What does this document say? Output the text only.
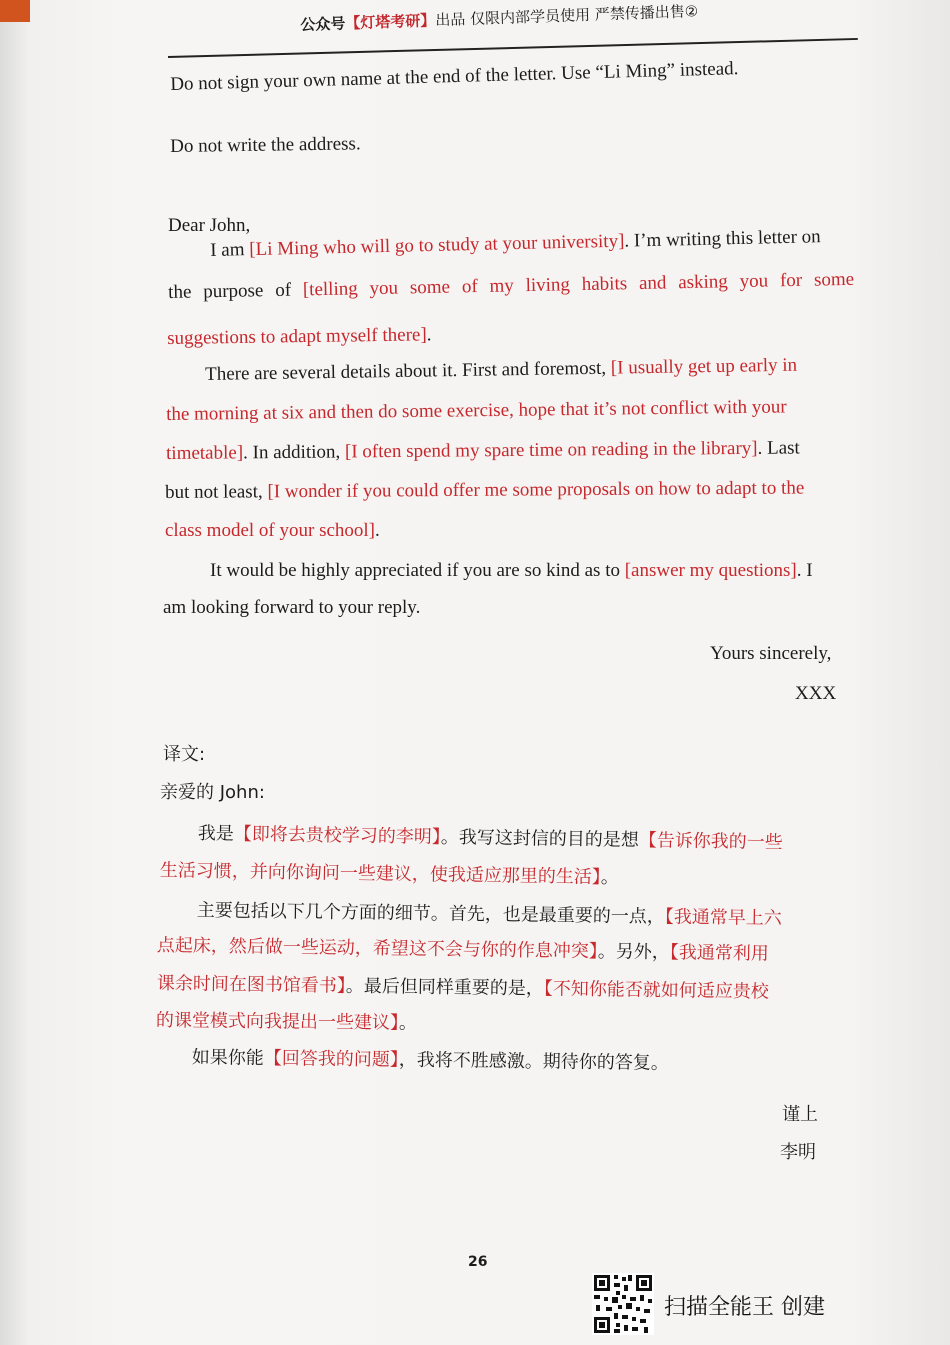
公众号【灯塔考研】出品 仅限内部学员使用 严禁传播出售②
Do not sign your own name at the end of the letter. Use “Li Ming” instead.
Do not write the address.
Dear John,
I am [Li Ming who will go to study at your university]. I’m writing this letter on
the purpose of [telling you some of my living habits and asking you for some
suggestions to adapt myself there].
There are several details about it. First and foremost, [I usually get up early in
the morning at six and then do some exercise, hope that it’s not conflict with your
timetable]. In addition, [I often spend my spare time on reading in the library]. Last
but not least, [I wonder if you could offer me some proposals on how to adapt to the
class model of your school].
It would be highly appreciated if you are so kind as to [answer my questions]. I
am looking forward to your reply.
Yours sincerely,
XXX
译文:
亲爱的 John:
我是【即将去贵校学习的李明】。我写这封信的目的是想【告诉你我的一些
生活习惯，并向你询问一些建议，使我适应那里的生活】。
主要包括以下几个方面的细节。首先，也是最重要的一点，【我通常早上六
点起床，然后做一些运动，希望这不会与你的作息冲突】。另外，【我通常利用
课余时间在图书馆看书】。最后但同样重要的是，【不知你能否就如何适应贵校
的课堂模式向我提出一些建议】。
如果你能【回答我的问题】，我将不胜感激。期待你的答复。
谨上
李明
26
扫描全能王 创建
